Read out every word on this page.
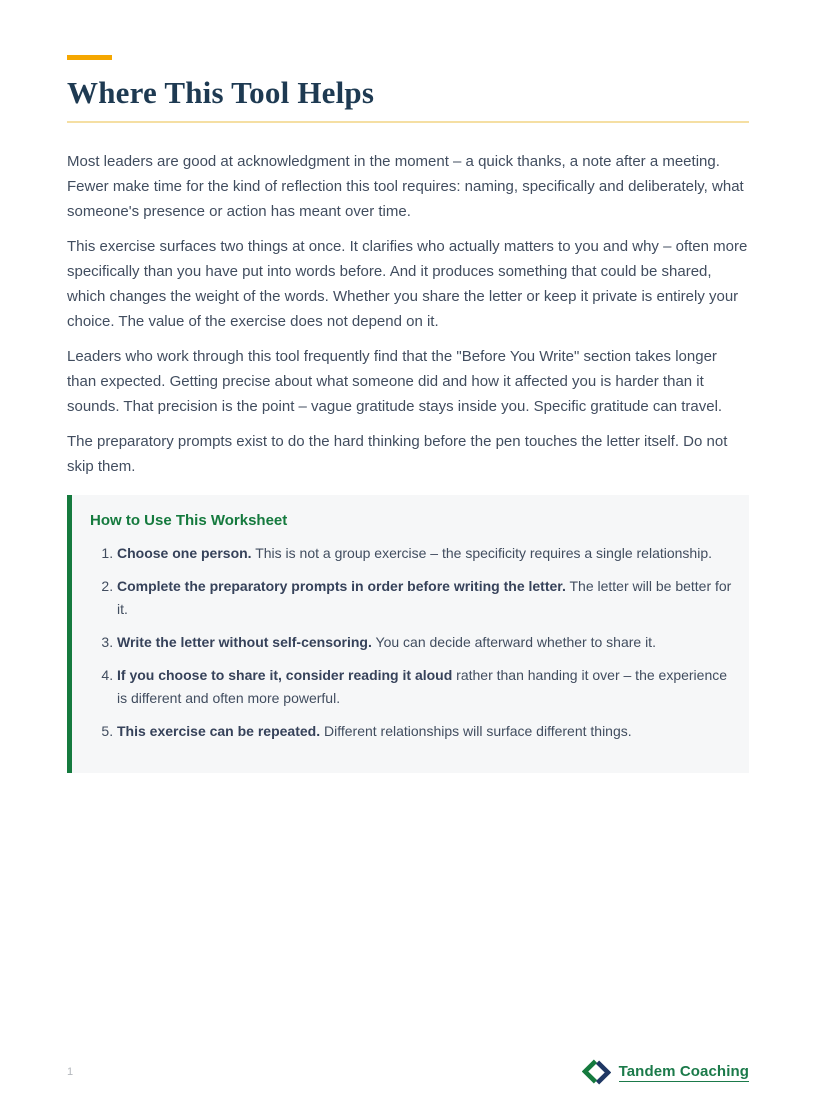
Where This Tool Helps

Most leaders are good at acknowledgment in the moment – a quick thanks, a note after a meeting. Fewer make time for the kind of reflection this tool requires: naming, specifically and deliberately, what someone's presence or action has meant over time.

This exercise surfaces two things at once. It clarifies who actually matters to you and why – often more specifically than you have put into words before. And it produces something that could be shared, which changes the weight of the words. Whether you share the letter or keep it private is entirely your choice. The value of the exercise does not depend on it.

Leaders who work through this tool frequently find that the "Before You Write" section takes longer than expected. Getting precise about what someone did and how it affected you is harder than it sounds. That precision is the point – vague gratitude stays inside you. Specific gratitude can travel.

The preparatory prompts exist to do the hard thinking before the pen touches the letter itself. Do not skip them.

How to Use This Worksheet
1. Choose one person. This is not a group exercise – the specificity requires a single relationship.
2. Complete the preparatory prompts in order before writing the letter. The letter will be better for it.
3. Write the letter without self-censoring. You can decide afterward whether to share it.
4. If you choose to share it, consider reading it aloud rather than handing it over – the experience is different and often more powerful.
5. This exercise can be repeated. Different relationships will surface different things.
1	Tandem Coaching
